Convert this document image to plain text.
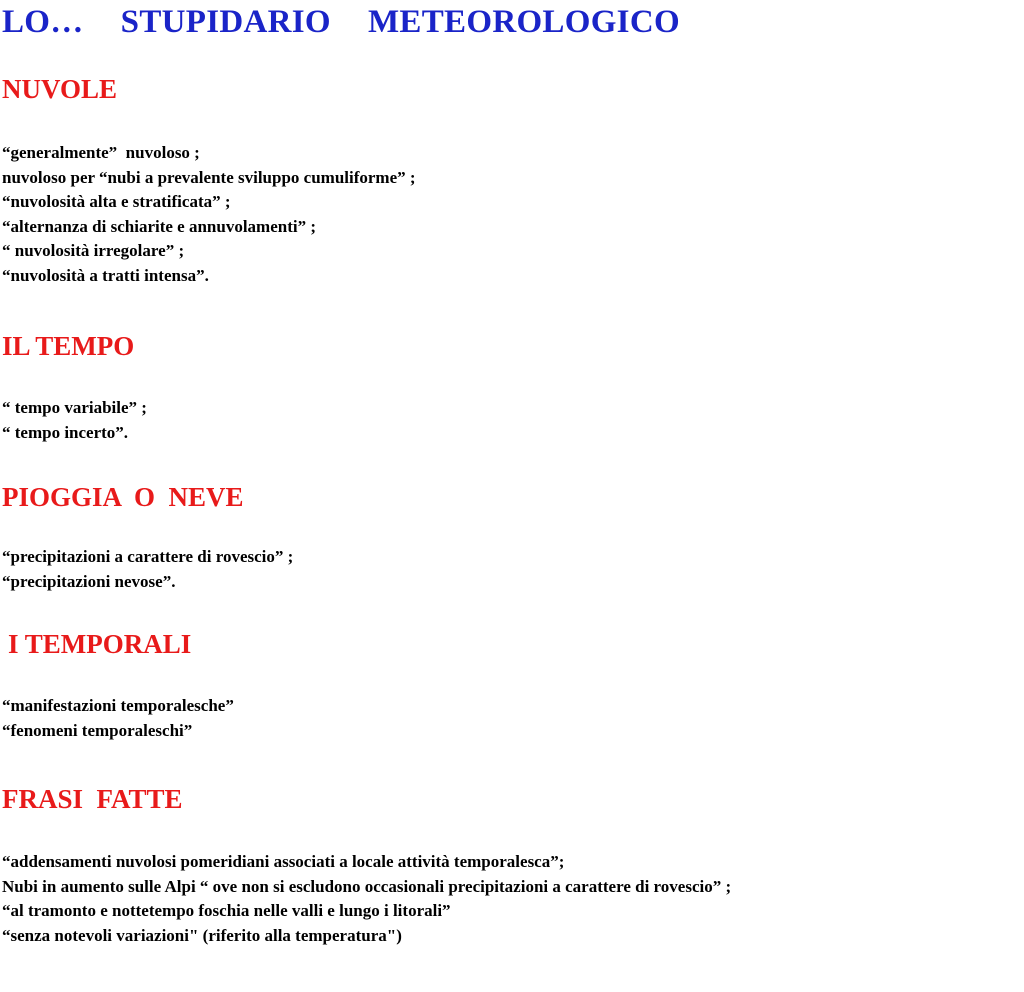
LO…  STUPIDARIO  METEOROLOGICO
NUVOLE
“generalmente”  nuvoloso ;
nuvoloso per “nubi a prevalente sviluppo cumuliforme” ;
“nuvolosità alta e stratificata” ;
“alternanza di schiarite e annuvolamenti” ;
“ nuvolosità irregolare” ;
“nuvolosità a tratti intensa”.
IL TEMPO
“ tempo variabile” ;
“ tempo incerto”.
PIOGGIA  O  NEVE
“precipitazioni a carattere di rovescio” ;
“precipitazioni nevose”.
I TEMPORALI
“manifestazioni temporalesche”
“fenomeni temporaleschi”
FRASI  FATTE
“addensamenti nuvolosi pomeridiani associati a locale attività temporalesca”;
Nubi in aumento sulle Alpi “ ove non si escludono occasionali precipitazioni a carattere di rovescio” ;
“al tramonto e nottetempo foschia nelle valli e lungo i litorali”
“senza notevoli variazioni" (riferito alla temperatura")
